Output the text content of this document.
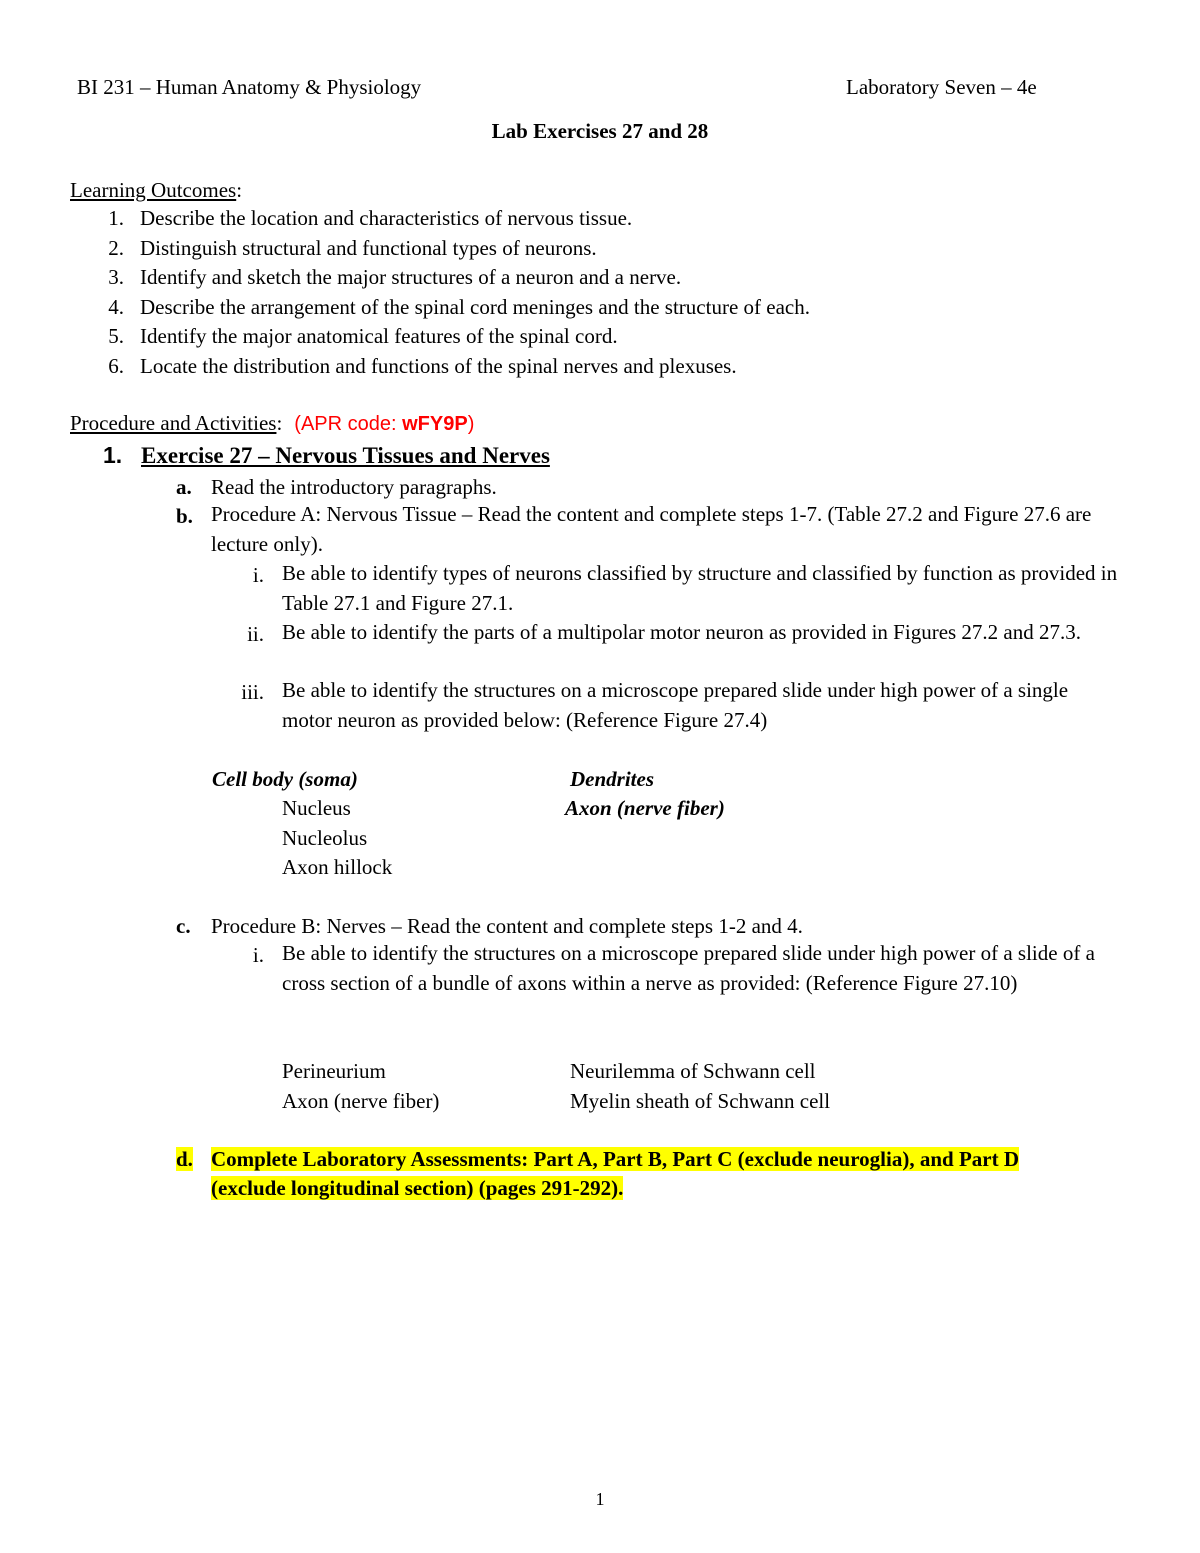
BI 231 – Human Anatomy & Physiology	Laboratory Seven – 4e
Lab Exercises 27 and 28
Learning Outcomes:
1. Describe the location and characteristics of nervous tissue.
2. Distinguish structural and functional types of neurons.
3. Identify and sketch the major structures of a neuron and a nerve.
4. Describe the arrangement of the spinal cord meninges and the structure of each.
5. Identify the major anatomical features of the spinal cord.
6. Locate the distribution and functions of the spinal nerves and plexuses.
Procedure and Activities: (APR code: wFY9P)
1. Exercise 27 – Nervous Tissues and Nerves
a. Read the introductory paragraphs.
b. Procedure A: Nervous Tissue – Read the content and complete steps 1-7. (Table 27.2 and Figure 27.6 are lecture only).
i. Be able to identify types of neurons classified by structure and classified by function as provided in Table 27.1 and Figure 27.1.
ii. Be able to identify the parts of a multipolar motor neuron as provided in Figures 27.2 and 27.3.
iii. Be able to identify the structures on a microscope prepared slide under high power of a single motor neuron as provided below: (Reference Figure 27.4)
Cell body (soma)
Nucleus
Nucleolus
Axon hillock
Dendrites
Axon (nerve fiber)
c. Procedure B: Nerves – Read the content and complete steps 1-2 and 4.
i. Be able to identify the structures on a microscope prepared slide under high power of a slide of a cross section of a bundle of axons within a nerve as provided: (Reference Figure 27.10)
Perineurium
Axon (nerve fiber)
Neurilemma of Schwann cell
Myelin sheath of Schwann cell
d. Complete Laboratory Assessments: Part A, Part B, Part C (exclude neuroglia), and Part D
(exclude longitudinal section) (pages 291-292).
1
